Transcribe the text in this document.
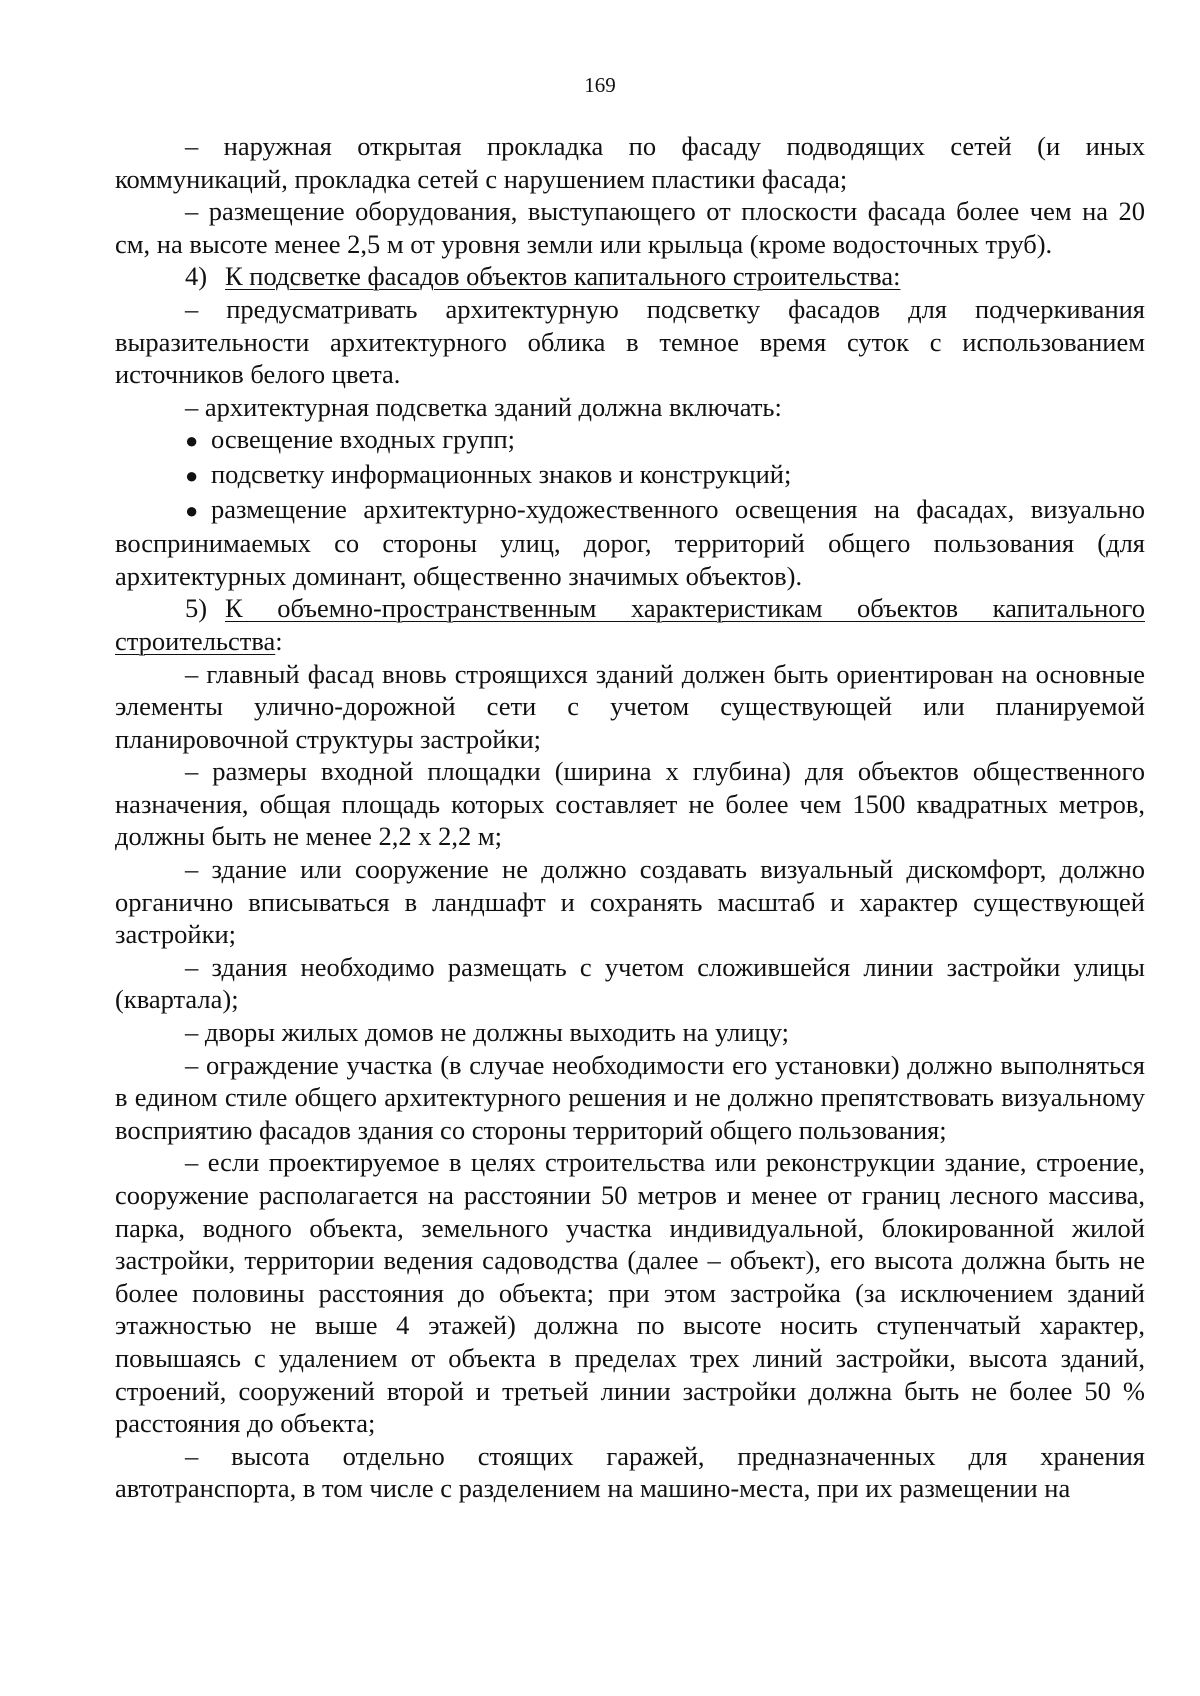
169

– наружная открытая прокладка по фасаду подводящих сетей (и иных коммуникаций, прокладка сетей с нарушением пластики фасада;

– размещение оборудования, выступающего от плоскости фасада более чем на 20 см, на высоте менее 2,5 м от уровня земли или крыльца (кроме водосточных труб).

4) К подсветке фасадов объектов капитального строительства:

– предусматривать архитектурную подсветку фасадов для подчеркивания выразительности архитектурного облика в темное время суток с использованием источников белого цвета.

– архитектурная подсветка зданий должна включать:

● освещение входных групп;

● подсветку информационных знаков и конструкций;

● размещение архитектурно-художественного освещения на фасадах, визуально воспринимаемых со стороны улиц, дорог, территорий общего пользования (для архитектурных доминант, общественно значимых объектов).

5) К объемно-пространственным характеристикам объектов капитального строительства:

– главный фасад вновь строящихся зданий должен быть ориентирован на основные элементы улично-дорожной сети с учетом существующей или планируемой планировочной структуры застройки;

– размеры входной площадки (ширина х глубина) для объектов общественного назначения, общая площадь которых составляет не более чем 1500 квадратных метров, должны быть не менее 2,2 х 2,2 м;

– здание или сооружение не должно создавать визуальный дискомфорт, должно органично вписываться в ландшафт и сохранять масштаб и характер существующей застройки;

– здания необходимо размещать с учетом сложившейся линии застройки улицы (квартала);

– дворы жилых домов не должны выходить на улицу;

– ограждение участка (в случае необходимости его установки) должно выполняться в едином стиле общего архитектурного решения и не должно препятствовать визуальному восприятию фасадов здания со стороны территорий общего пользования;

– если проектируемое в целях строительства или реконструкции здание, строение, сооружение располагается на расстоянии 50 метров и менее от границ лесного массива, парка, водного объекта, земельного участка индивидуальной, блокированной жилой застройки, территории ведения садоводства (далее – объект), его высота должна быть не более половины расстояния до объекта; при этом застройка (за исключением зданий этажностью не выше 4 этажей) должна по высоте носить ступенчатый характер, повышаясь с удалением от объекта в пределах трех линий застройки, высота зданий, строений, сооружений второй и третьей линии застройки должна быть не более 50 % расстояния до объекта;

– высота отдельно стоящих гаражей, предназначенных для хранения автотранспорта, в том числе с разделением на машино-места, при их размещении на
